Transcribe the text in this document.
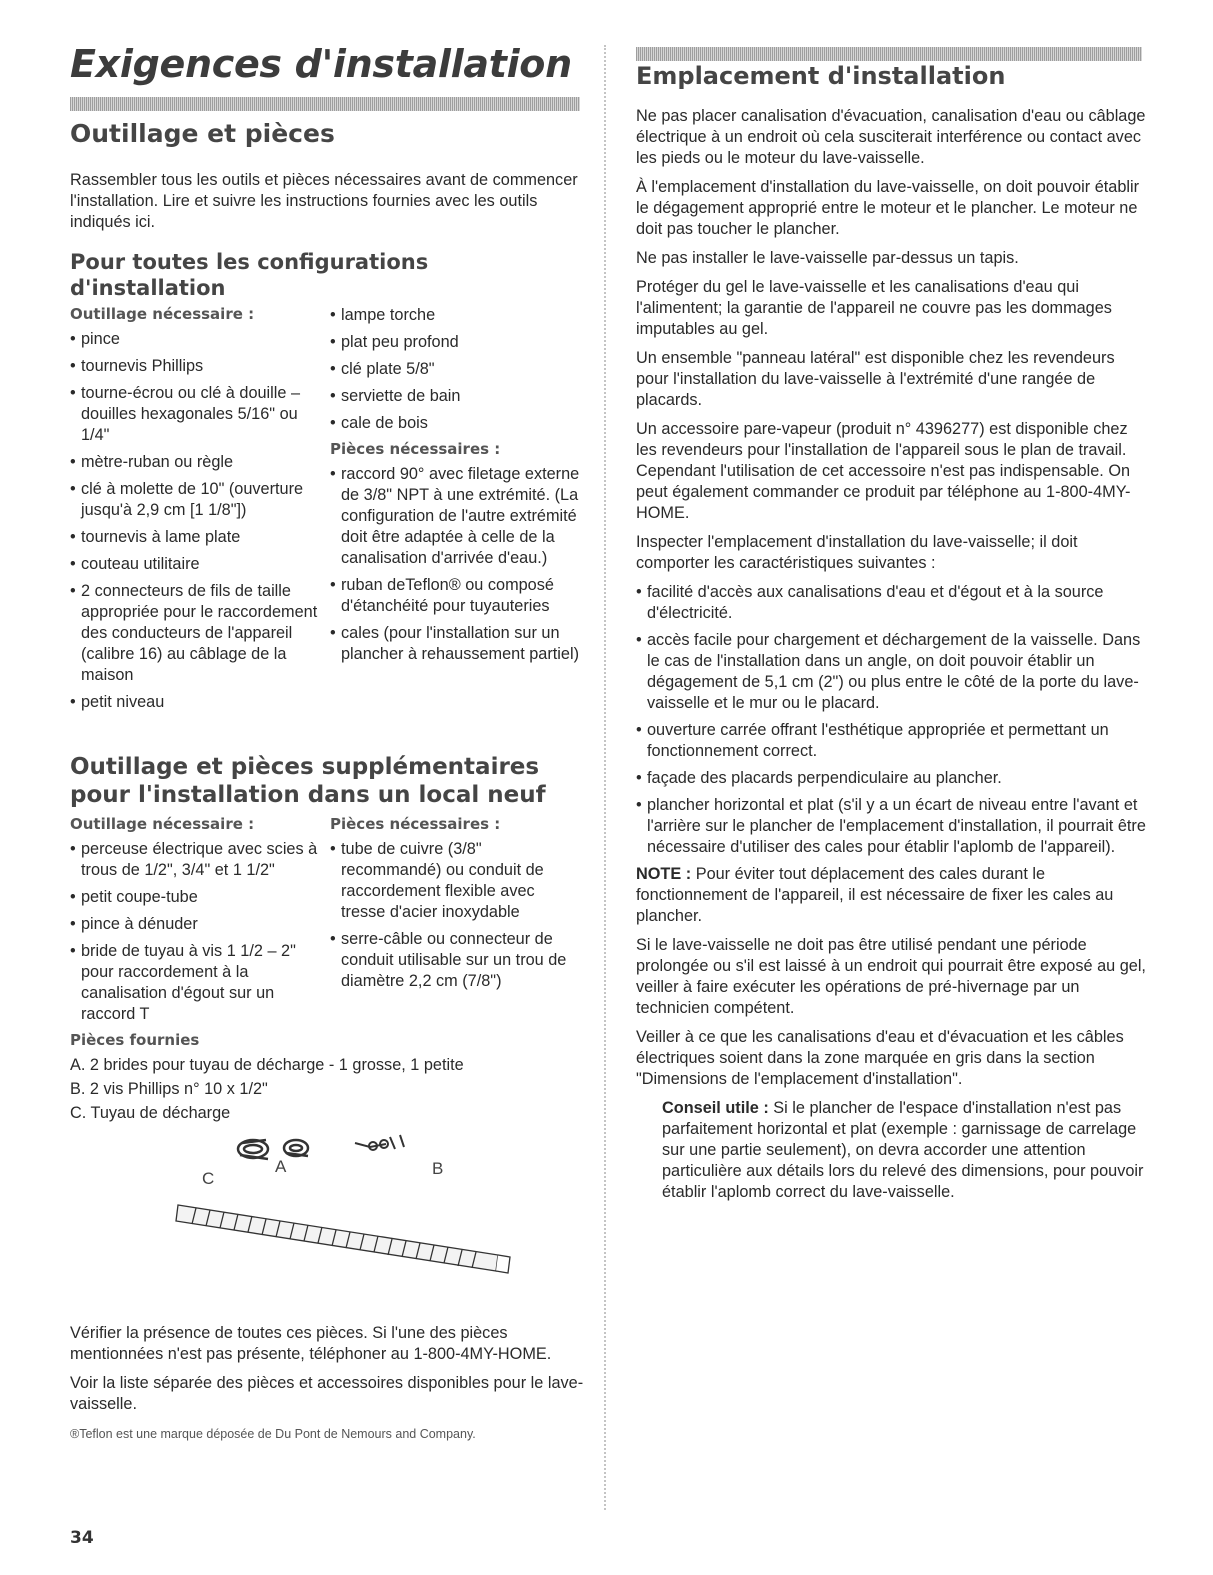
Exigences d'installation
Outillage et pièces

Rassembler tous les outils et pièces nécessaires avant de commencer l'installation. Lire et suivre les instructions fournies avec les outils indiqués ici.

Pour toutes les configurations d'installation
Outillage nécessaire :
• pince
• tournevis Phillips
• tourne-écrou ou clé à douille – douilles hexagonales 5/16" ou 1/4"
• mètre-ruban ou règle
• clé à molette de 10" (ouverture jusqu'à 2,9 cm [1 1/8"])
• tournevis à lame plate
• couteau utilitaire
• 2 connecteurs de fils de taille appropriée pour le raccordement des conducteurs de l'appareil (calibre 16) au câblage de la maison
• petit niveau
• lampe torche
• plat peu profond
• clé plate 5/8"
• serviette de bain
• cale de bois
Pièces nécessaires :
• raccord 90° avec filetage externe de 3/8" NPT à une extrémité. (La configuration de l'autre extrémité doit être adaptée à celle de la canalisation d'arrivée d'eau.)
• ruban deTeflon® ou composé d'étanchéité pour tuyauteries
• cales (pour l'installation sur un plancher à rehaussement partiel)
Outillage et pièces supplémentaires pour l'installation dans un local neuf
Outillage nécessaire :
• perceuse électrique avec scies à trous de 1/2", 3/4" et 1 1/2"
• petit coupe-tube
• pince à dénuder
• bride de tuyau à vis 1 1/2 – 2" pour raccordement à la canalisation d'égout sur un raccord T
Pièces nécessaires :
• tube de cuivre (3/8" recommandé) ou conduit de raccordement flexible avec tresse d'acier inoxydable
• serre-câble ou connecteur de conduit utilisable sur un trou de diamètre 2,2 cm (7/8")
Pièces fournies
A. 2 brides pour tuyau de décharge - 1 grosse, 1 petite
B. 2 vis Phillips n° 10 x 1/2"
C. Tuyau de décharge
A	B
C

Vérifier la présence de toutes ces pièces. Si l'une des pièces mentionnées n'est pas présente, téléphoner au 1-800-4MY-HOME.

Voir la liste séparée des pièces et accessoires disponibles pour le lave-vaisselle.

®Teflon est une marque déposée de Du Pont de Nemours and Company.
Emplacement d'installation

Ne pas placer canalisation d'évacuation, canalisation d'eau ou câblage électrique à un endroit où cela susciterait interférence ou contact avec les pieds ou le moteur du lave-vaisselle.

À l'emplacement d'installation du lave-vaisselle, on doit pouvoir établir le dégagement approprié entre le moteur et le plancher. Le moteur ne doit pas toucher le plancher.

Ne pas installer le lave-vaisselle par-dessus un tapis.

Protéger du gel le lave-vaisselle et les canalisations d'eau qui l'alimentent; la garantie de l'appareil ne couvre pas les dommages imputables au gel.

Un ensemble "panneau latéral" est disponible chez les revendeurs pour l'installation du lave-vaisselle à l'extrémité d'une rangée de placards.

Un accessoire pare-vapeur (produit n° 4396277) est disponible chez les revendeurs pour l'installation de l'appareil sous le plan de travail. Cependant l'utilisation de cet accessoire n'est pas indispensable. On peut également commander ce produit par téléphone au 1-800-4MY-HOME.

Inspecter l'emplacement d'installation du lave-vaisselle; il doit comporter les caractéristiques suivantes :

• facilité d'accès aux canalisations d'eau et d'égout et à la source d'électricité.
• accès facile pour chargement et déchargement de la vaisselle. Dans le cas de l'installation dans un angle, on doit pouvoir établir un dégagement de 5,1 cm (2") ou plus entre le côté de la porte du lave-vaisselle et le mur ou le placard.
• ouverture carrée offrant l'esthétique appropriée et permettant un fonctionnement correct.
• façade des placards perpendiculaire au plancher.
• plancher horizontal et plat (s'il y a un écart de niveau entre l'avant et l'arrière sur le plancher de l'emplacement d'installation, il pourrait être nécessaire d'utiliser des cales pour établir l'aplomb de l'appareil).

NOTE : Pour éviter tout déplacement des cales durant le fonctionnement de l'appareil, il est nécessaire de fixer les cales au plancher.

Si le lave-vaisselle ne doit pas être utilisé pendant une période prolongée ou s'il est laissé à un endroit qui pourrait être exposé au gel, veiller à faire exécuter les opérations de pré-hivernage par un technicien compétent.

Veiller à ce que les canalisations d'eau et d'évacuation et les câbles électriques soient dans la zone marquée en gris dans la section "Dimensions de l'emplacement d'installation".

Conseil utile : Si le plancher de l'espace d'installation n'est pas parfaitement horizontal et plat (exemple : garnissage de carrelage sur une partie seulement), on devra accorder une attention particulière aux détails lors du relevé des dimensions, pour pouvoir établir l'aplomb correct du lave-vaisselle.

34
